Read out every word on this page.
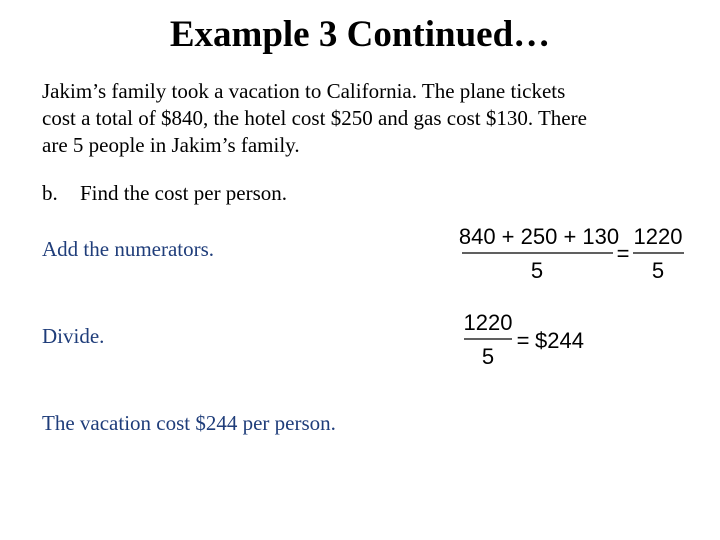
Example 3 Continued…
Jakim’s family took a vacation to California. The plane tickets
cost a total of $840, the hotel cost $250 and gas cost $130. There
are 5 people in Jakim’s family.
b. Find the cost per person.
Add the numerators.	840 + 250 + 130
5
=
1220
5
Divide.
1220
5
= $244
The vacation cost $244 per person.
